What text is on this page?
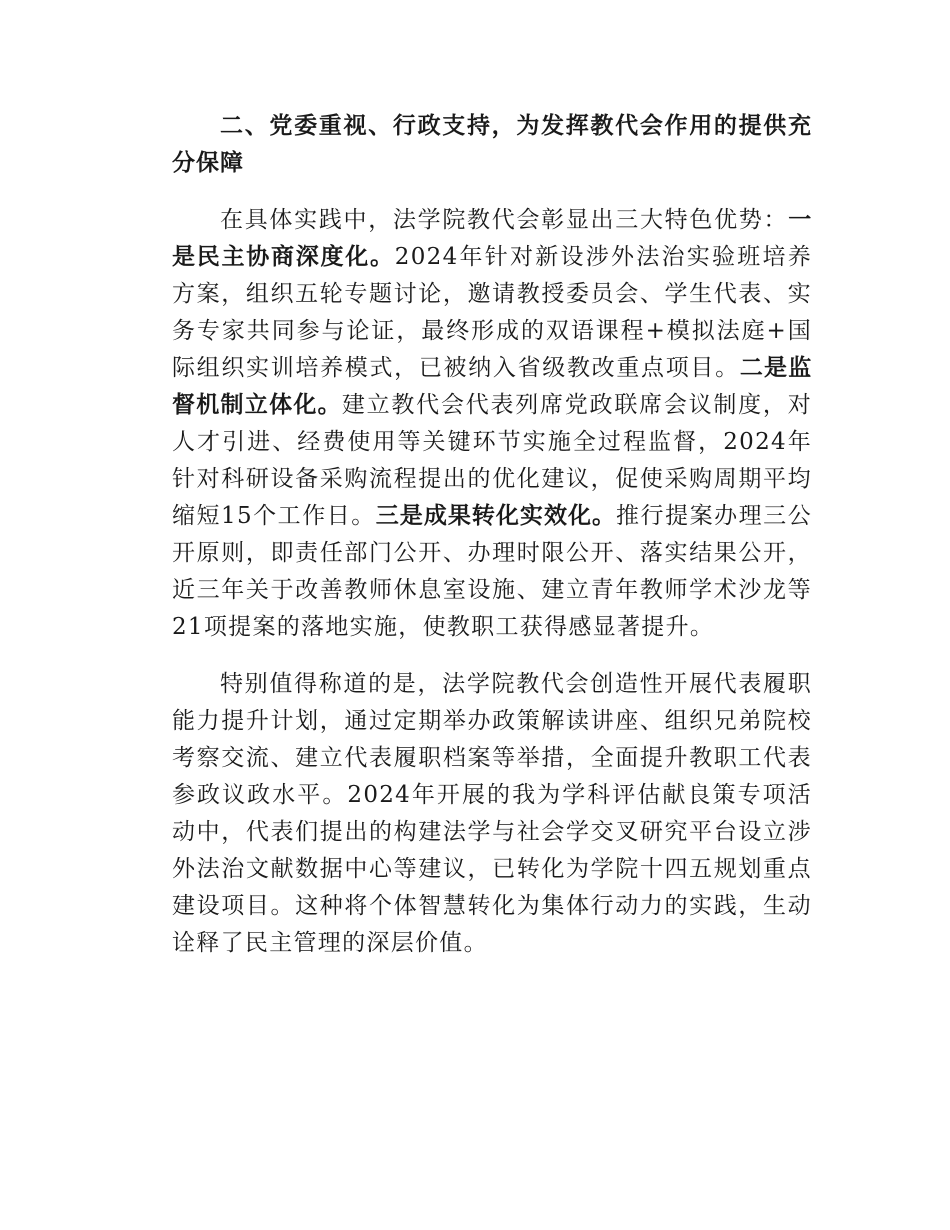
二、党委重视、行政支持，为发挥教代会作用的提供充分保障
在具体实践中，法学院教代会彰显出三大特色优势：一是民主协商深度化。2024年针对新设涉外法治实验班培养方案，组织五轮专题讨论，邀请教授委员会、学生代表、实务专家共同参与论证，最终形成的双语课程+模拟法庭+国际组织实训培养模式，已被纳入省级教改重点项目。二是监督机制立体化。建立教代会代表列席党政联席会议制度，对人才引进、经费使用等关键环节实施全过程监督，2024年针对科研设备采购流程提出的优化建议，促使采购周期平均缩短15个工作日。三是成果转化实效化。推行提案办理三公开原则，即责任部门公开、办理时限公开、落实结果公开，近三年关于改善教师休息室设施、建立青年教师学术沙龙等21项提案的落地实施，使教职工获得感显著提升。
特别值得称道的是，法学院教代会创造性开展代表履职能力提升计划，通过定期举办政策解读讲座、组织兄弟院校考察交流、建立代表履职档案等举措，全面提升教职工代表参政议政水平。2024年开展的我为学科评估献良策专项活动中，代表们提出的构建法学与社会学交叉研究平台设立涉外法治文献数据中心等建议，已转化为学院十四五规划重点建设项目。这种将个体智慧转化为集体行动力的实践，生动诠释了民主管理的深层价值。
